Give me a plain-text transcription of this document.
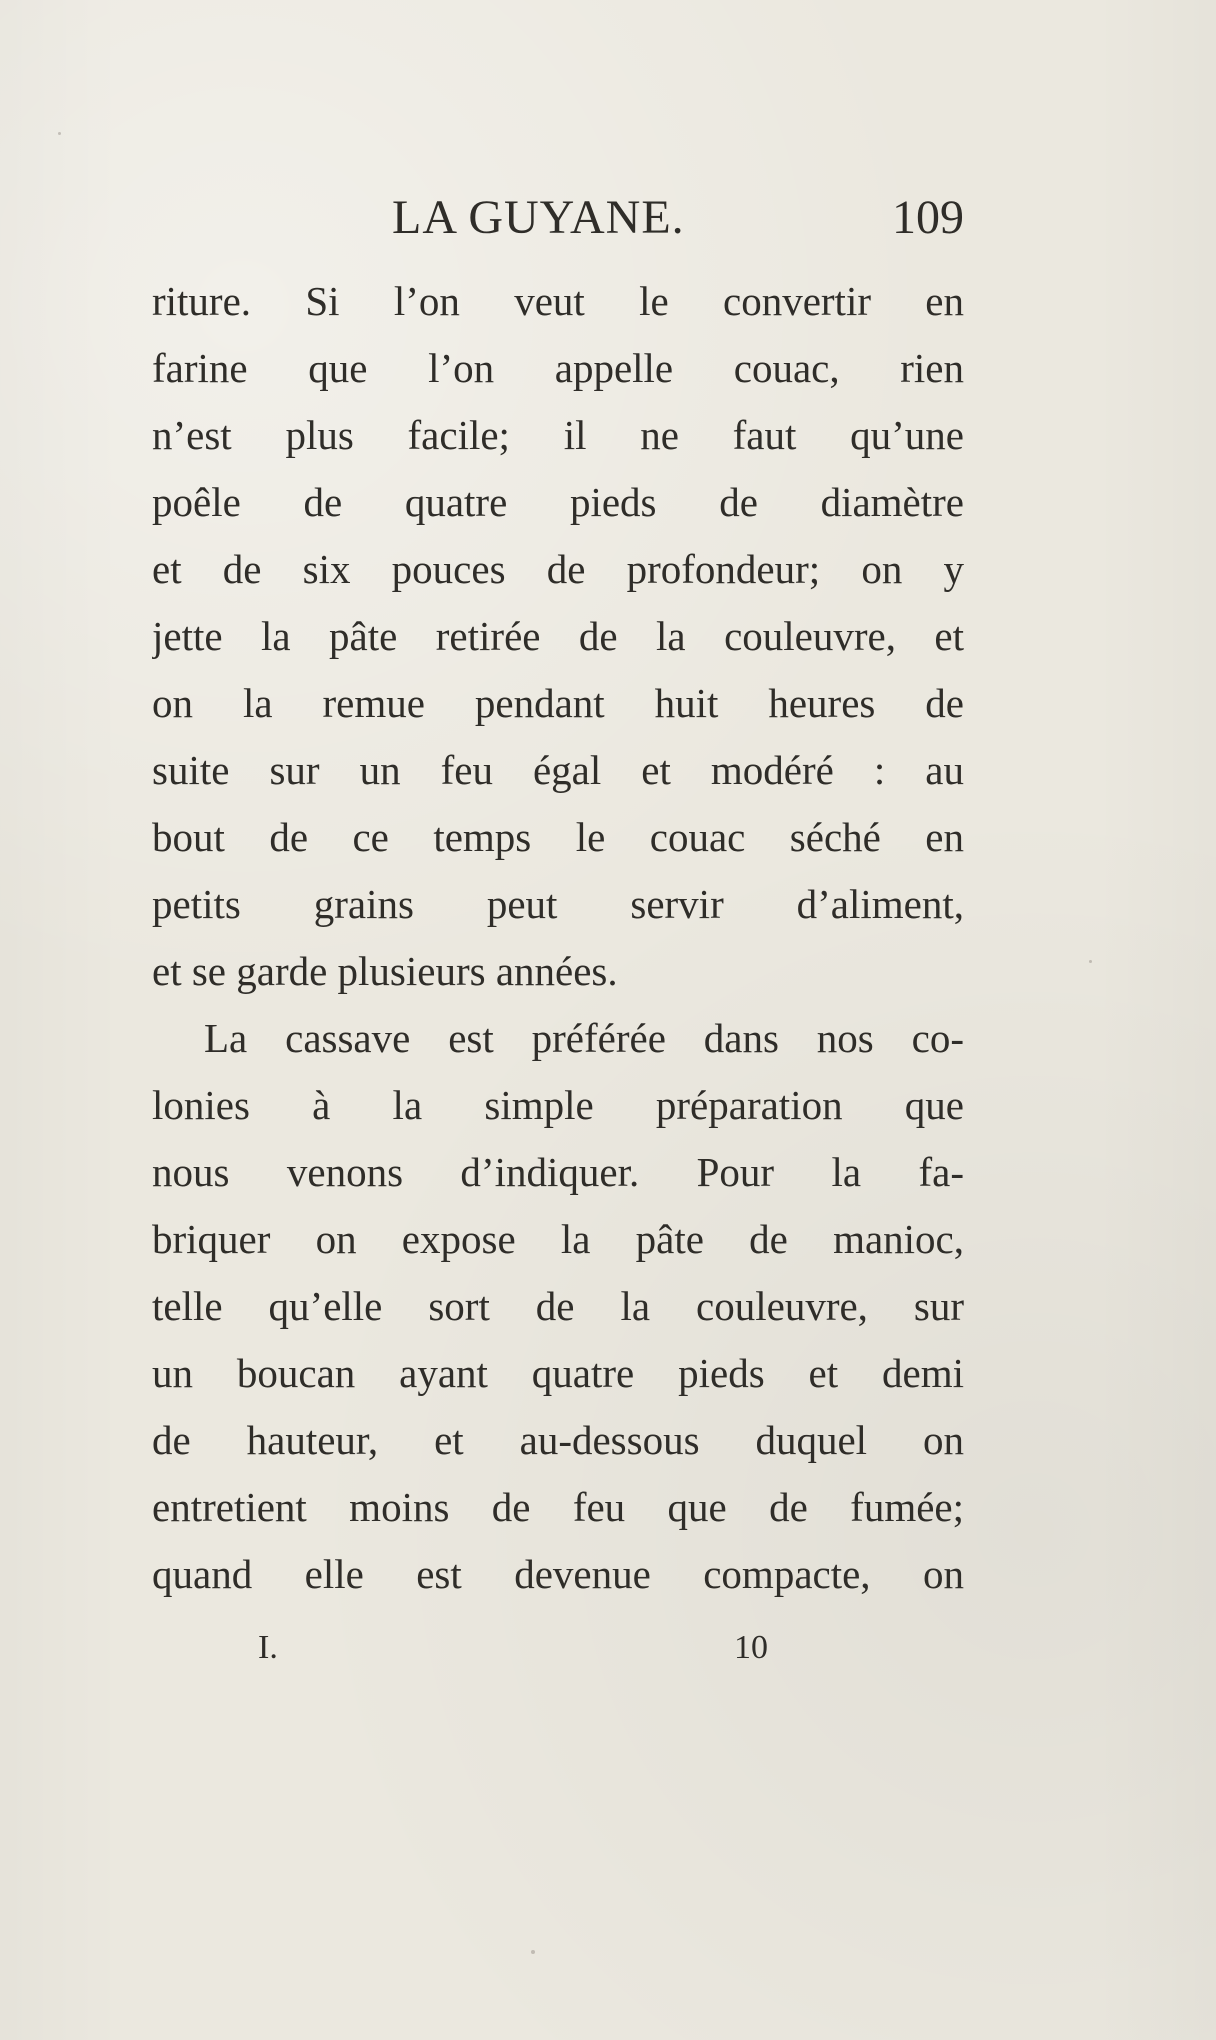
LA GUYANE.	109
riture. Si l’on veut le convertir en
farine que l’on appelle couac, rien
n’est plus facile; il ne faut qu’une
poêle de quatre pieds de diamètre
et de six pouces de profondeur; on y
jette la pâte retirée de la couleuvre, et
on la remue pendant huit heures de
suite sur un feu égal et modéré : au
bout de ce temps le couac séché en
petits grains peut servir d’aliment,
et se garde plusieurs années.
La cassave est préférée dans nos co-
lonies à la simple préparation que
nous venons d’indiquer. Pour la fa-
briquer on expose la pâte de manioc,
telle qu’elle sort de la couleuvre, sur
un boucan ayant quatre pieds et demi
de hauteur, et au-dessous duquel on
entretient moins de feu que de fumée;
quand elle est devenue compacte, on
I.	10
